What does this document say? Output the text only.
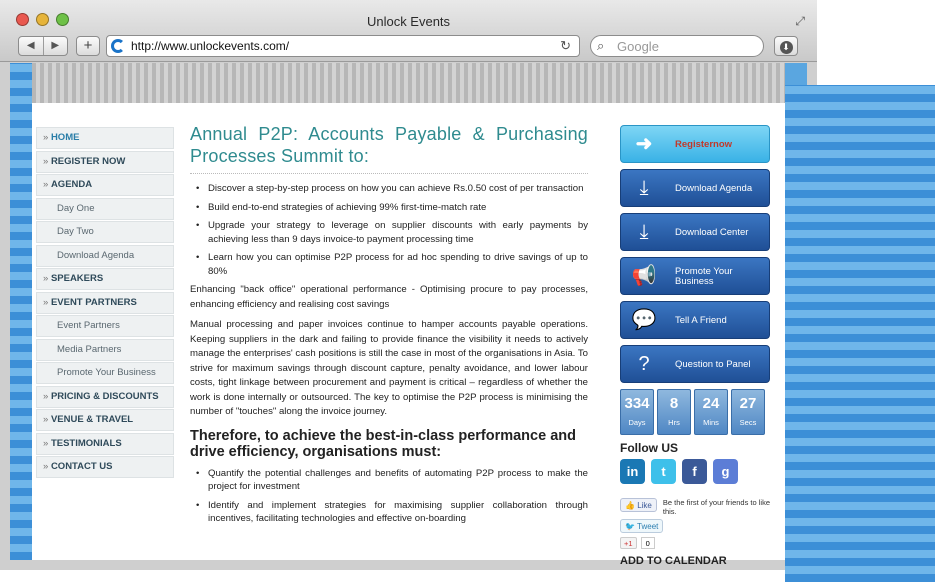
Unlock Events	⤢
◀	▶	+	http://www.unlockevents.com/	↻ ⌕ Google	⬇
» HOME
» REGISTER NOW
» AGENDA
Day One
Day Two
Download Agenda
» SPEAKERS
» EVENT PARTNERS
Event Partners
Media Partners
Promote Your Business
» PRICING & DISCOUNTS
» VENUE & TRAVEL
» TESTIMONIALS
» CONTACT US
Annual P2P: Accounts Payable & Purchasing Processes Summit to:
• Discover a step-by-step process on how you can achieve Rs.0.50 cost of per transaction
• Build end-to-end strategies of achieving 99% first-time-match rate
• Upgrade your strategy to leverage on supplier discounts with early payments by achieving less than 9 days invoice-to payment processing time
• Learn how you can optimise P2P process for ad hoc spending to drive savings of up to 80%

Enhancing "back office" operational performance - Optimising procure to pay processes, enhancing efficiency and realising cost savings

Manual processing and paper invoices continue to hamper accounts payable operations. Keeping suppliers in the dark and failing to provide finance the visibility it needs to actively manage the enterprises' cash positions is still the case in most of the organisations in Asia. To strive for maximum savings through discount capture, penalty avoidance, and lower labour costs, tight linkage between procurement and payment is critical – regardless of whether the work is done internally or outsourced. The key to optimise the P2P process is minimising the number of "touches" along the invoice journey.

Therefore, to achieve the best-in-class performance and drive efficiency, organisations must:
• Quantify the potential challenges and benefits of automating P2P process to make the project for investment
• Identify and implement strategies for maximising supplier collaboration through incentives, facilitating technologies and effective on-boarding
➜	Registernow
⤓	Download Agenda
⤓	Download Center
📢 Promote Your Business
💬 Tell A Friend
?	Question to Panel
334
Days
8
Hrs
24
Mins
27
Secs
Follow US
in	t	f	g
👍 Like	Be the first of your friends to like this.
🐦 Tweet
+1	0
ADD TO CALENDAR
